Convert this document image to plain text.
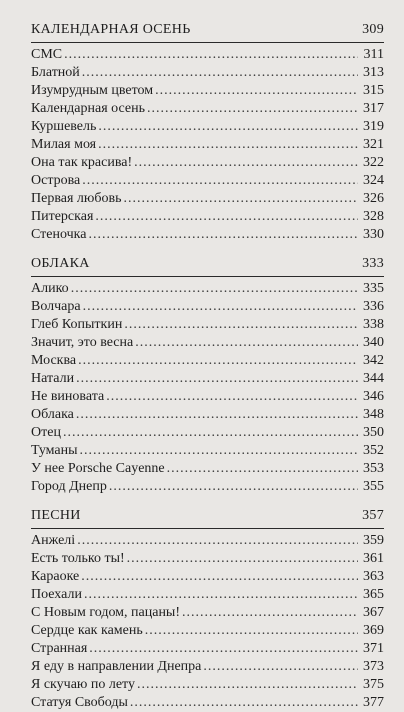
КАЛЕНДАРНАЯ ОСЕНЬ	309
СМС .....	311
Блатной .....	313
Изумрудным цветом .....	315
Календарная осень .....	317
Куршевель .....	319
Милая моя .....	321
Она так красива! .....	322
Острова .....	324
Первая любовь .....	326
Питерская .....	328
Стеночка .....	330
ОБЛАКА	333
Алико .....	335
Волчара .....	336
Глеб Копыткин .....	338
Значит, это весна .....	340
Москва .....	342
Натали .....	344
Не виновата .....	346
Облака .....	348
Отец .....	350
Туманы .....	352
У нее Porsche Cayenne .....	353
Город Днепр .....	355
ПЕСНИ	357
Анжелі .....	359
Есть только ты! .....	361
Караоке .....	363
Поехали .....	365
С Новым годом, пацаны! .....	367
Сердце как камень .....	369
Странная .....	371
Я еду в направлении Днепра .....	373
Я скучаю по лету .....	375
Статуя Свободы .....	377
